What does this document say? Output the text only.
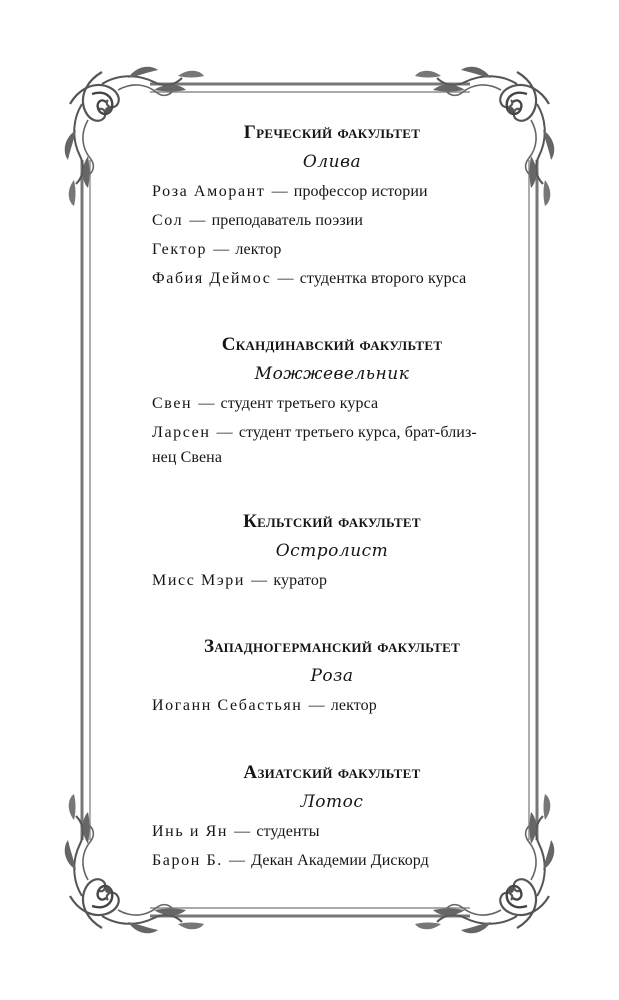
Греческий факультет
Олива
Роза Аморант — профессор истории
Сол — преподаватель поэзии
Гектор — лектор
Фабия Деймос — студентка второго курса
Скандинавский факультет
Можжевельник
Свен — студент третьего курса
Ларсен — студент третьего курса, брат-близ-
нец Свена
Кельтский факультет
Остролист
Мисс Мэри — куратор
Западногерманский факультет
Роза
Иоганн Себастьян — лектор
Азиатский факультет
Лотос
Инь и Ян — студенты
Барон Б. — Декан Академии Дискорд
